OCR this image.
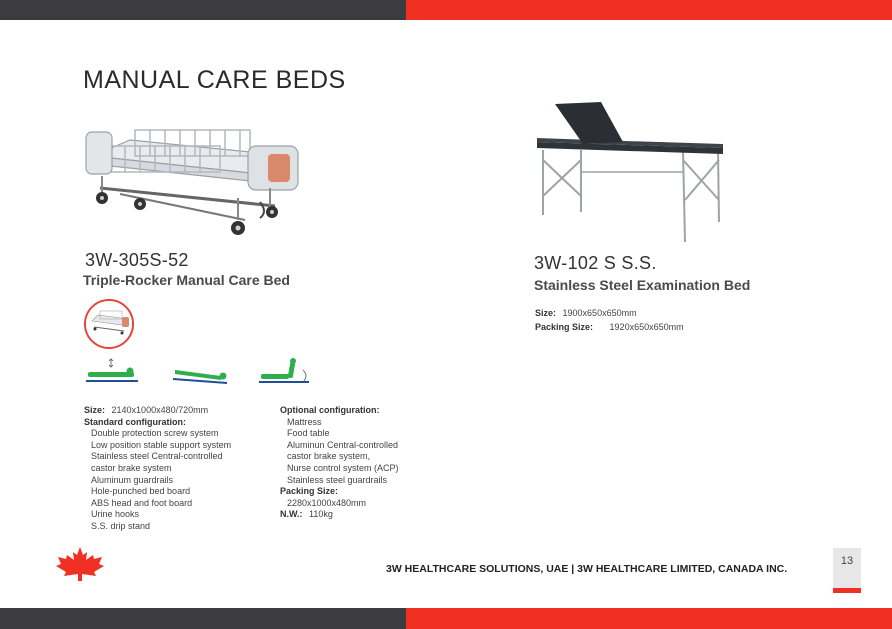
MANUAL CARE BEDS
3W-305S-52
Triple-Rocker Manual Care Bed
3W-102 S S.S.
Stainless Steel Examination Bed
Size: 1900x650x650mm
Packing Size: 1920x650x650mm
Size: 2140x1000x480/720mm
Standard configuration:
Double protection screw system
Low position stable support system
Stainless steel Central-controlled
castor brake system
Aluminum guardrails
Hole-punched bed board
ABS head and foot board
Urine hooks
S.S. drip stand
Optional configuration:
Mattress
Food table
Aluminun Central-controlled
castor brake system,
Nurse control system (ACP)
Stainless steel guardrails
Packing Size:
2280x1000x480mm
N.W.: 110kg
3W HEALTHCARE SOLUTIONS, UAE | 3W HEALTHCARE LIMITED, CANADA INC.
13
